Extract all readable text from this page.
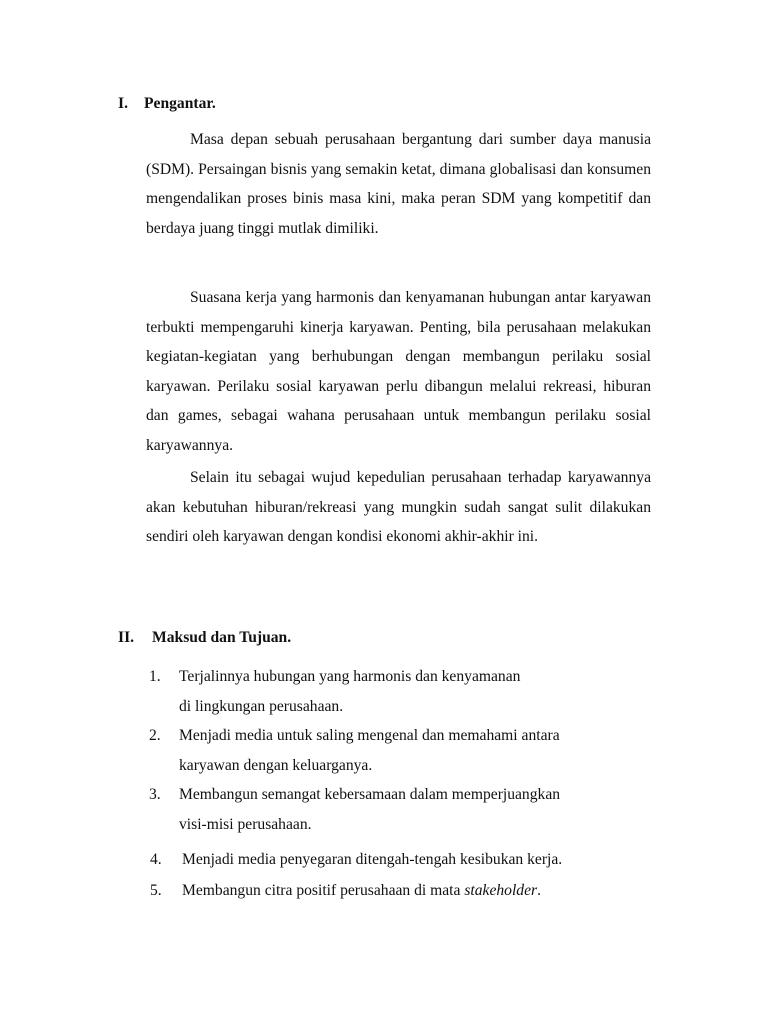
I. Pengantar.

Masa depan sebuah perusahaan bergantung dari sumber daya manusia (SDM). Persaingan bisnis yang semakin ketat, dimana globalisasi dan konsumen mengendalikan proses binis masa kini, maka peran SDM yang kompetitif dan berdaya juang tinggi mutlak dimiliki.

Suasana kerja yang harmonis dan kenyamanan hubungan antar karyawan terbukti mempengaruhi kinerja karyawan. Penting, bila perusahaan melakukan kegiatan-kegiatan yang berhubungan dengan membangun perilaku sosial karyawan. Perilaku sosial karyawan perlu dibangun melalui rekreasi, hiburan dan games, sebagai wahana perusahaan untuk membangun perilaku sosial karyawannya.

Selain itu sebagai wujud kepedulian perusahaan terhadap karyawannya akan kebutuhan hiburan/rekreasi yang mungkin sudah sangat sulit dilakukan sendiri oleh karyawan dengan kondisi ekonomi akhir-akhir ini.

II. Maksud dan Tujuan.
1. Terjalinnya hubungan yang harmonis dan kenyamanan
di lingkungan perusahaan.
2. Menjadi media untuk saling mengenal dan memahami antara
karyawan dengan keluarganya.
3. Membangun semangat kebersamaan dalam memperjuangkan
visi-misi perusahaan.
4. Menjadi media penyegaran ditengah-tengah kesibukan kerja.
5. Membangun citra positif perusahaan di mata stakeholder.
